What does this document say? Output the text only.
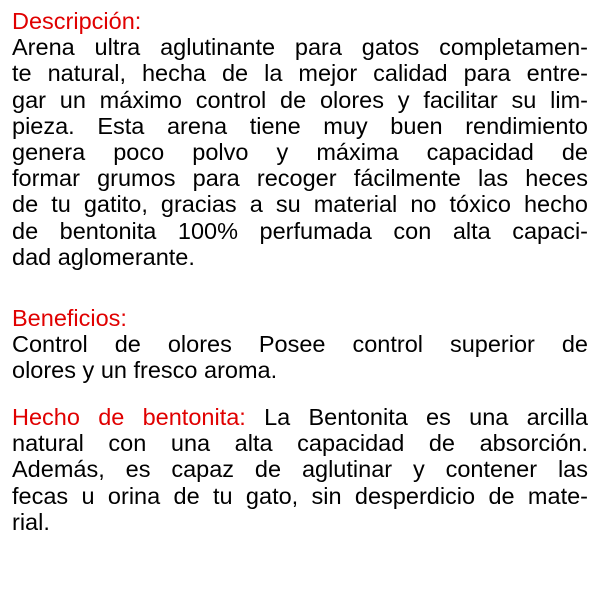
Descripción:
Arena ultra aglutinante para gatos completamen-
te natural, hecha de la mejor calidad para entre-
gar un máximo control de olores y facilitar su lim-
pieza. Esta arena tiene muy buen rendimiento
genera poco polvo y máxima capacidad de
formar grumos para recoger fácilmente las heces
de tu gatito, gracias a su material no tóxico hecho
de bentonita 100% perfumada con alta capaci-
dad aglomerante.
Beneficios:
Control de olores Posee control superior de
olores y un fresco aroma.
Hecho de bentonita: La Bentonita es una arcilla
natural con una alta capacidad de absorción.
Además, es capaz de aglutinar y contener las
fecas u orina de tu gato, sin desperdicio de mate-
rial.
